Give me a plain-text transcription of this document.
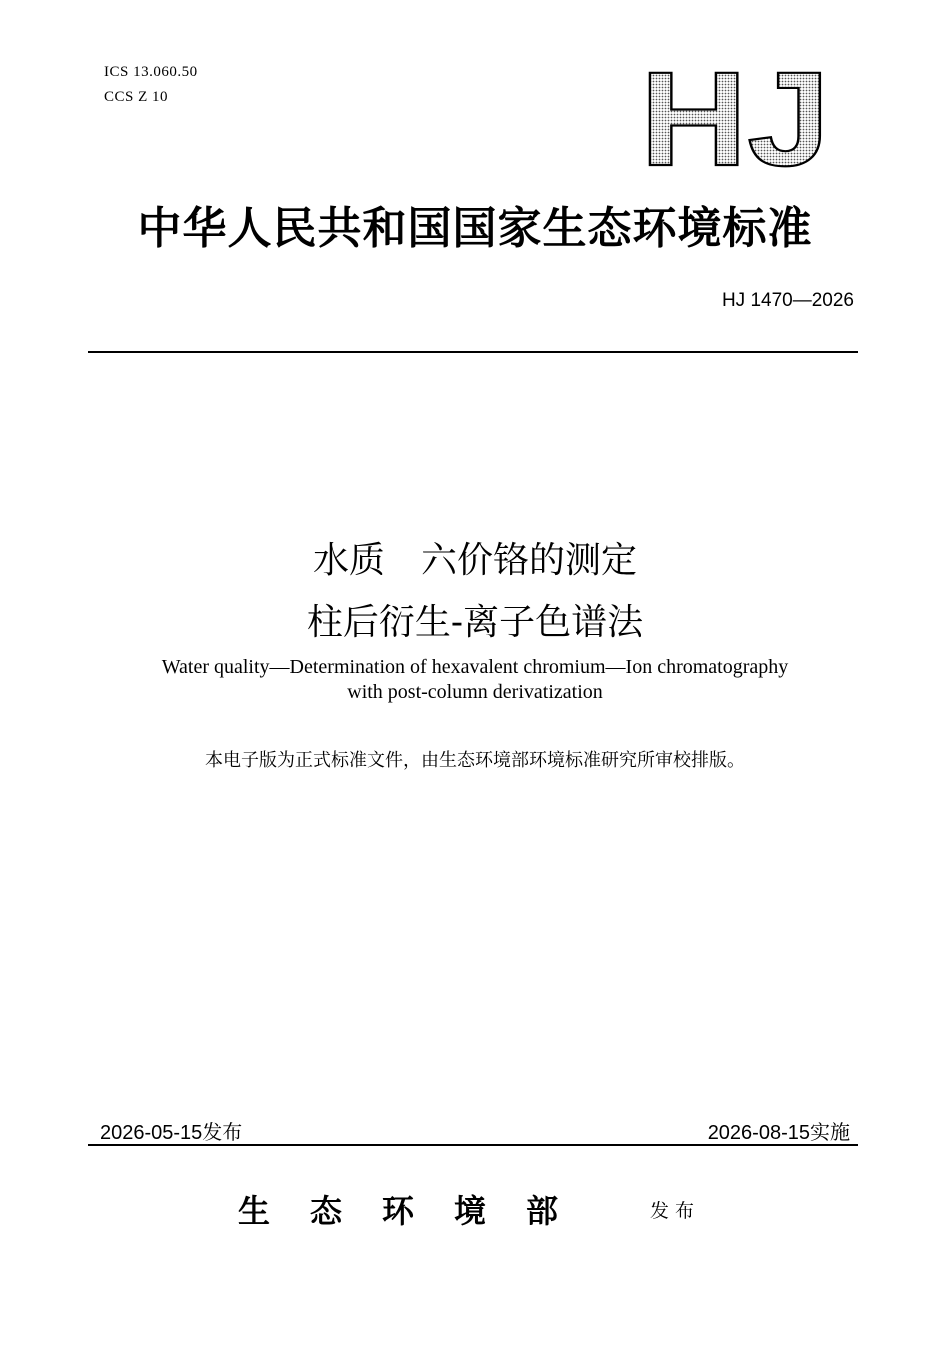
ICS 13.060.50
CCS Z 10	HJ
中华人民共和国国家生态环境标准
HJ 1470—2026
水质　六价铬的测定
柱后衍生-离子色谱法
Water quality—Determination of hexavalent chromium—Ion chromatography
with post-column derivatization
本电子版为正式标准文件，由生态环境部环境标准研究所审校排版。
2026-05-15发布	2026-08-15实施
生态环境部	发布
